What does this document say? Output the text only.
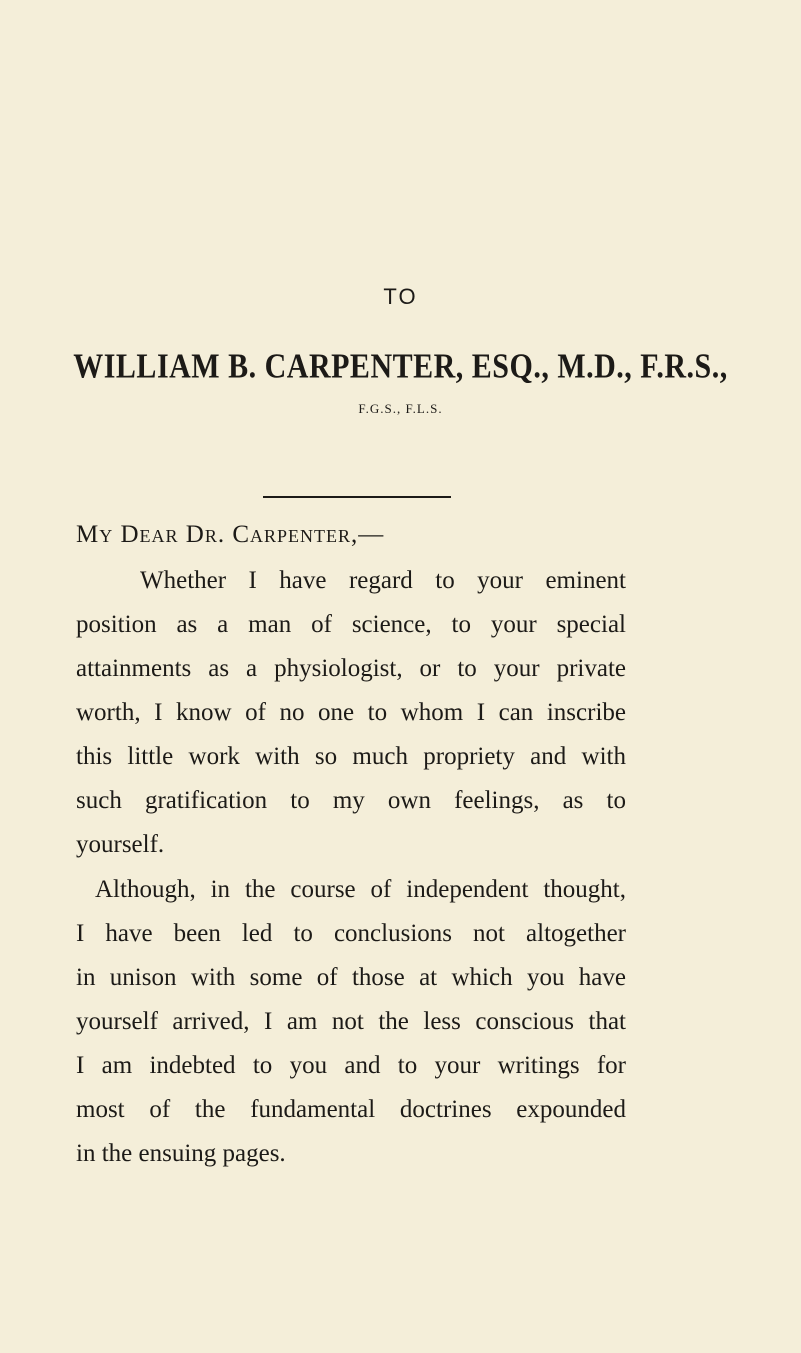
TO
WILLIAM B. CARPENTER, ESQ., M.D., F.R.S.,
F.G.S., F.L.S.
My Dear Dr. Carpenter,—
Whether I have regard to your eminent
position as a man of science, to your special
attainments as a physiologist, or to your private
worth, I know of no one to whom I can inscribe
this little work with so much propriety and with
such gratification to my own feelings, as to
yourself.
Although, in the course of independent thought,
I have been led to conclusions not altogether
in unison with some of those at which you have
yourself arrived, I am not the less conscious that
I am indebted to you and to your writings for
most of the fundamental doctrines expounded
in the ensuing pages.
